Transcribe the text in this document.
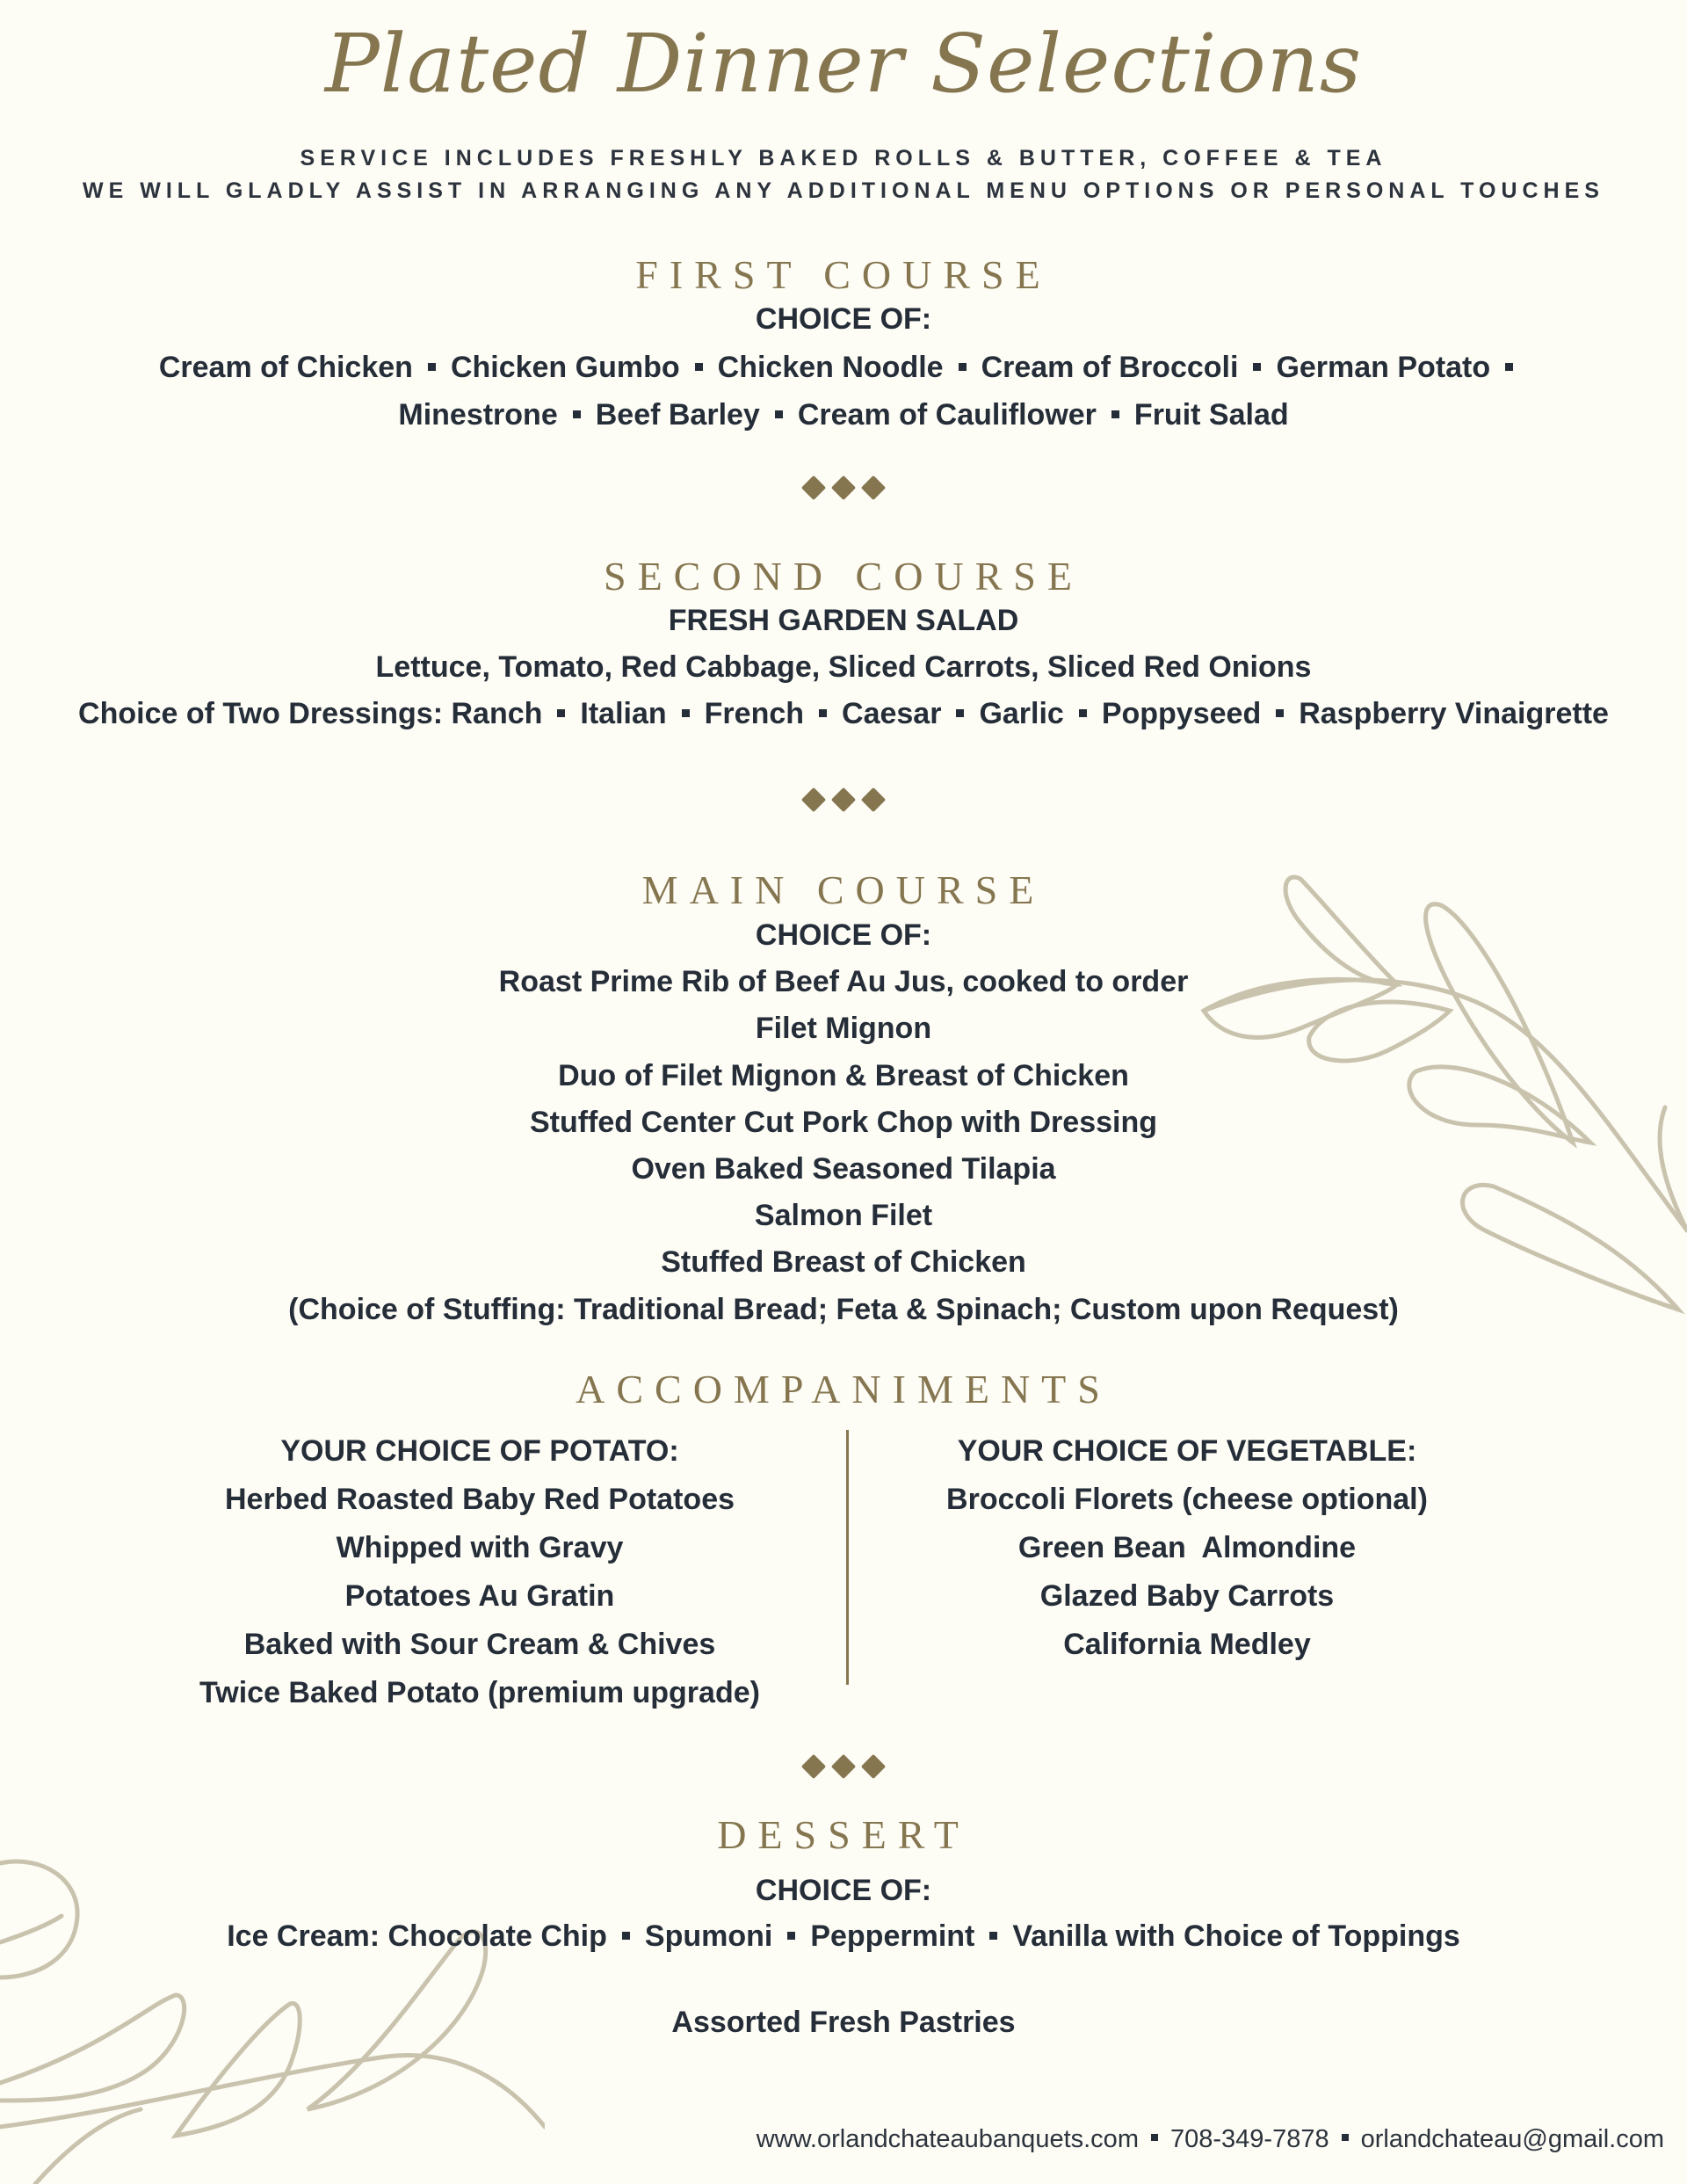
Plated Dinner Selections
SERVICE INCLUDES FRESHLY BAKED ROLLS & BUTTER, COFFEE & TEA
WE WILL GLADLY ASSIST IN ARRANGING ANY ADDITIONAL MENU OPTIONS OR PERSONAL TOUCHES
FIRST COURSE
CHOICE OF:
Cream of Chicken Chicken Gumbo Chicken Noodle Cream of Broccoli German Potato
Minestrone Beef Barley Cream of Cauliflower Fruit Salad
SECOND COURSE
FRESH GARDEN SALAD
Lettuce, Tomato, Red Cabbage, Sliced Carrots, Sliced Red Onions
Choice of Two Dressings: Ranch Italian French Caesar Garlic Poppyseed Raspberry Vinaigrette
MAIN COURSE
CHOICE OF:
Roast Prime Rib of Beef Au Jus, cooked to order
Filet Mignon
Duo of Filet Mignon & Breast of Chicken
Stuffed Center Cut Pork Chop with Dressing
Oven Baked Seasoned Tilapia
Salmon Filet
Stuffed Breast of Chicken
(Choice of Stuffing: Traditional Bread; Feta & Spinach; Custom upon Request)
ACCOMPANIMENTS
YOUR CHOICE OF POTATO:
Herbed Roasted Baby Red Potatoes
Whipped with Gravy
Potatoes Au Gratin
Baked with Sour Cream & Chives
Twice Baked Potato (premium upgrade)
YOUR CHOICE OF VEGETABLE:
Broccoli Florets (cheese optional)
Green Bean  Almondine
Glazed Baby Carrots
California Medley
DESSERT
CHOICE OF:
Ice Cream: Chocolate Chip Spumoni Peppermint Vanilla with Choice of Toppings
Assorted Fresh Pastries
www.orlandchateaubanquets.com 708-349-7878 orlandchateau@gmail.com
